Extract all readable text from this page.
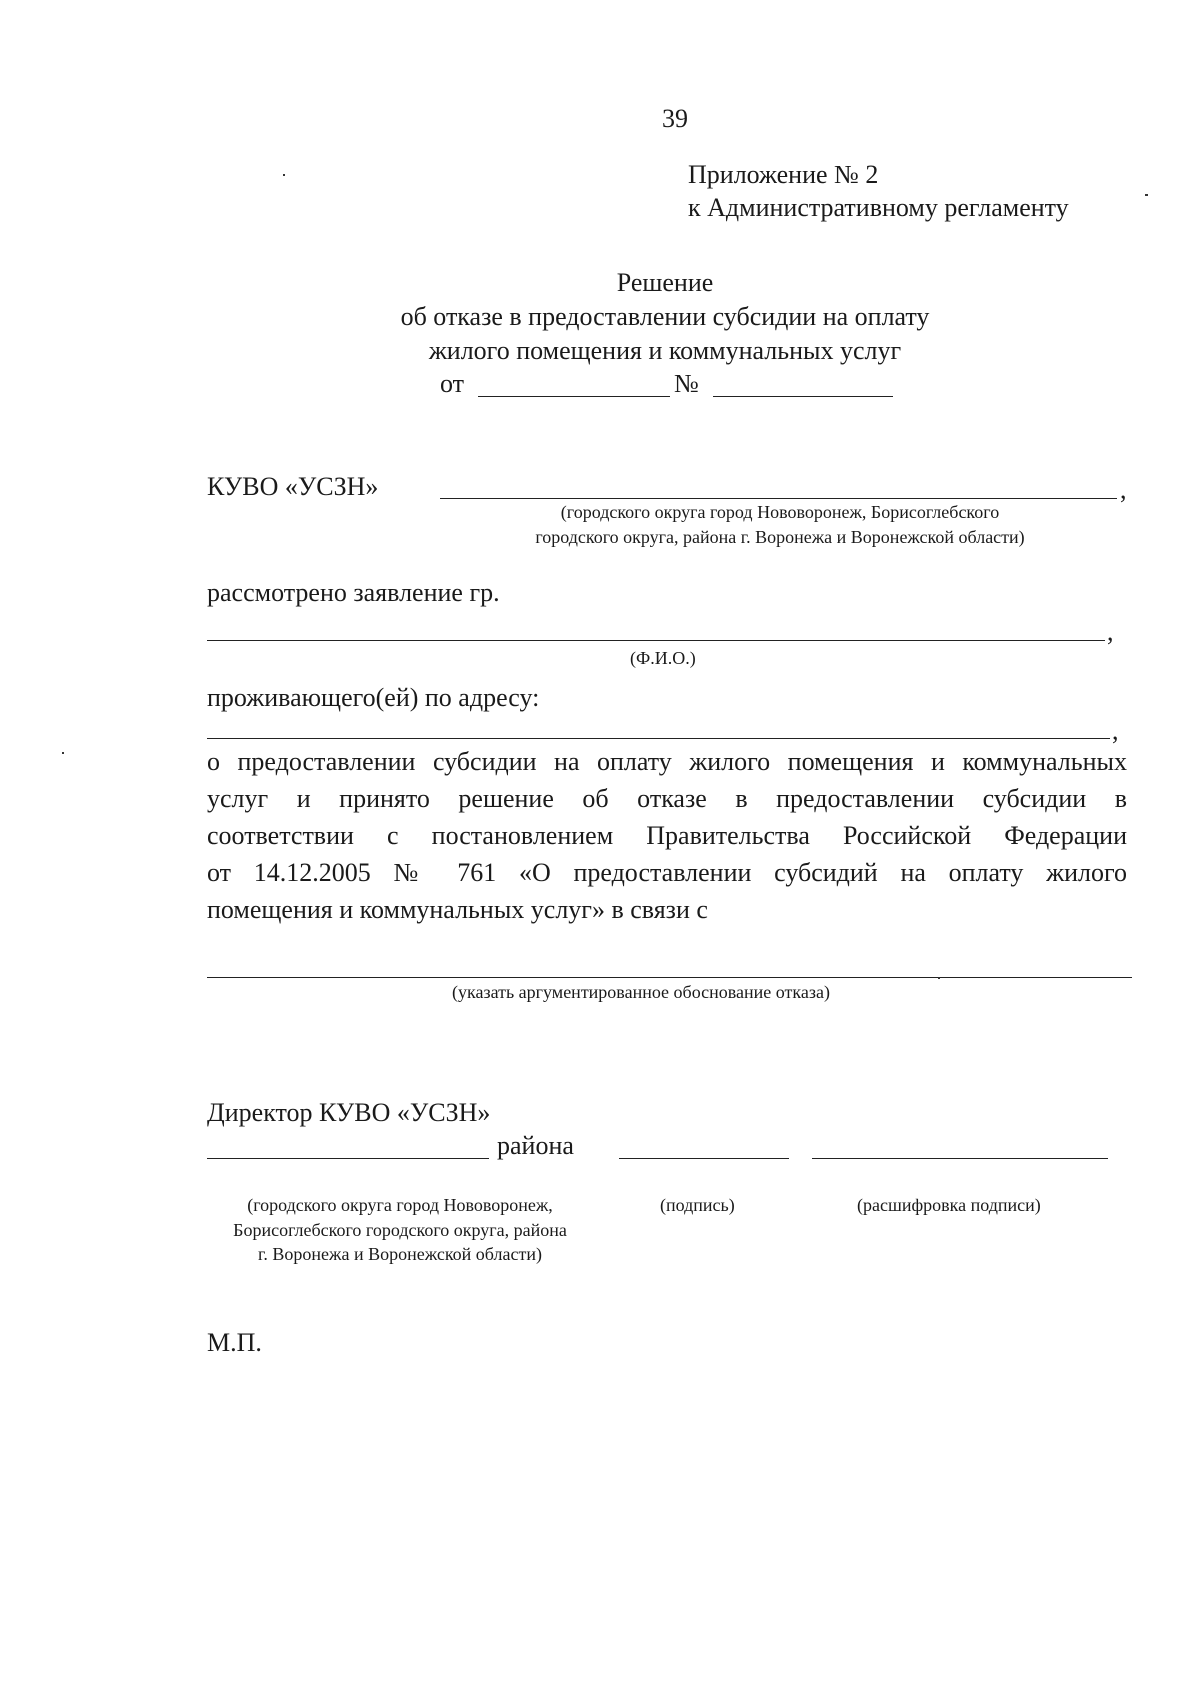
39
Приложение № 2
к Административному регламенту
Решение
об отказе в предоставлении субсидии на оплату
жилого помещения и коммунальных услуг
от	№
КУВО «УСЗН»	,
(городского округа город Нововоронеж, Борисоглебского
городского округа, района г. Воронежа и Воронежской области)
рассмотрено заявление гр.
,
(Ф.И.О.)
проживающего(ей) по адресу:
,
о предоставлении субсидии на оплату жилого помещения и коммунальных
услуг и принято решение об отказе в предоставлении субсидии в
соответствии с постановлением Правительства Российской Федерации
от 14.12.2005 № 761 «О предоставлении субсидий на оплату жилого
помещения и коммунальных услуг» в связи с
(указать аргументированное обоснование отказа)
Директор КУВО «УСЗН»
района
(городского округа город Нововоронеж,
Борисоглебского городского округа, района
г. Воронежа и Воронежской области)
(подпись)	(расшифровка подписи)
М.П.
